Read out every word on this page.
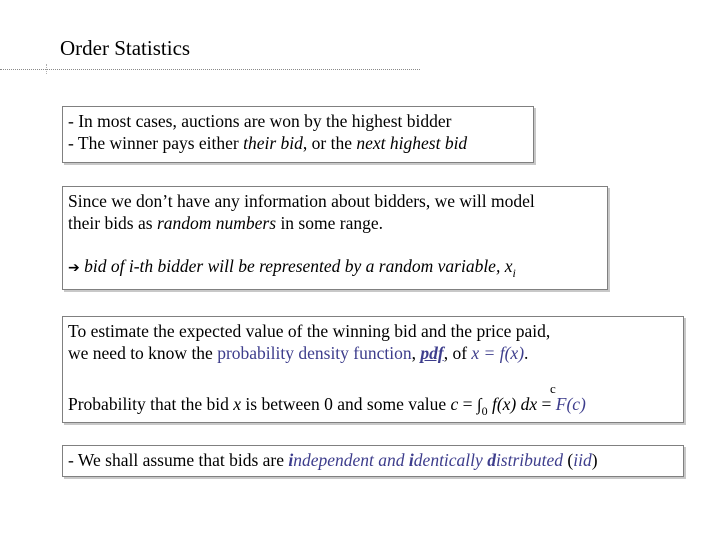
Order Statistics
- In most cases, auctions are won by the highest bidder
- The winner pays either their bid, or the next highest bid
Since we don’t have any information about bidders, we will model
their bids as random numbers in some range.
➔ bid of i-th bidder will be represented by a random variable, $x_i$
To estimate the expected value of the winning bid and the price paid,
we need to know the probability density function, pdf, of x = f(x).
c
Probability that the bid x is between 0 and some value $c = \int_0$ f(x) dx = F(c)
- We shall assume that bids are independent and identically distributed (iid)
